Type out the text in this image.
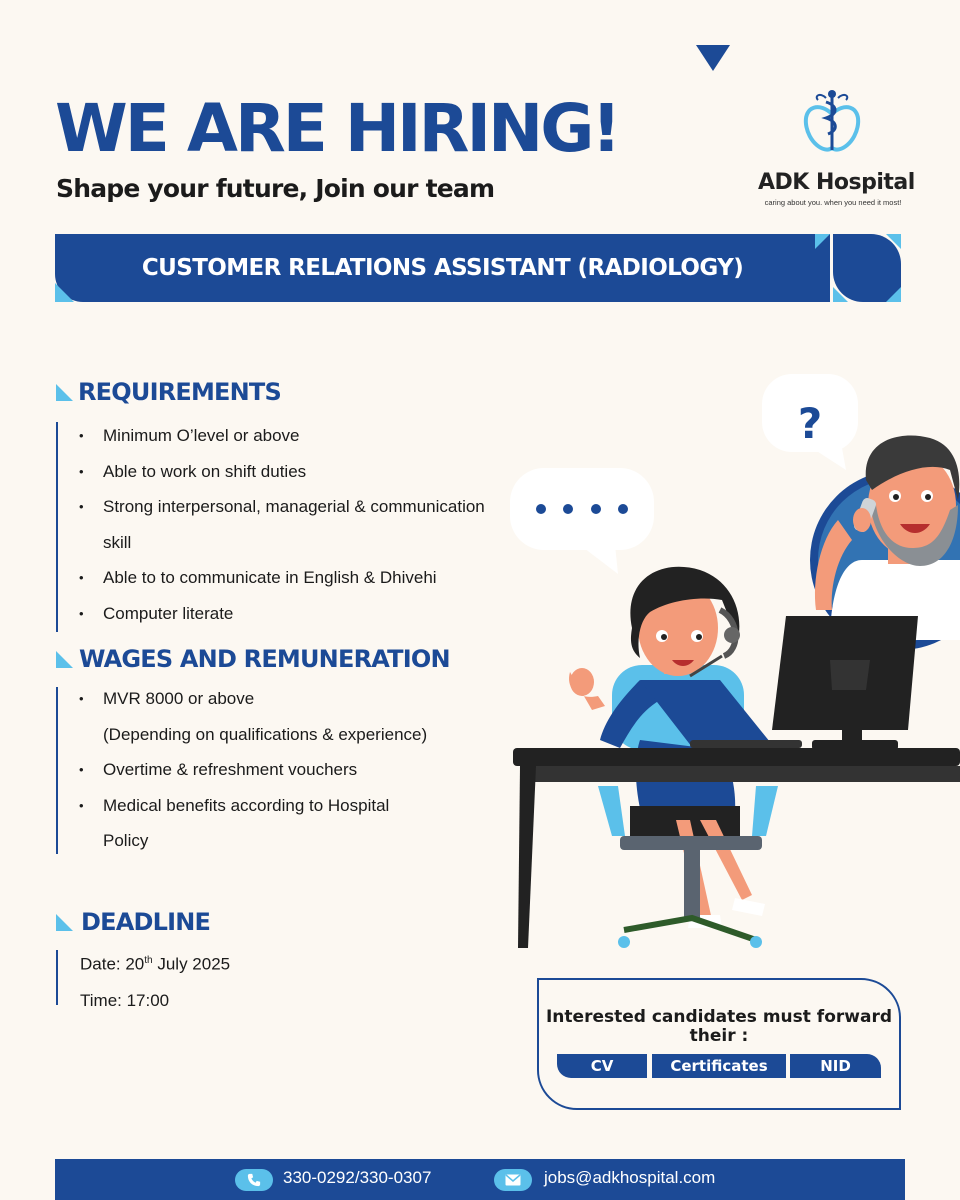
WE ARE HIRING!
Shape your future, Join our team	ADK Hospital
caring about you. when you need it most!
CUSTOMER RELATIONS ASSISTANT (RADIOLOGY)
REQUIREMENTS
• Minimum O’level or above
• Able to work on shift duties
• Strong interpersonal, managerial & communication
skill
• Able to to communicate in English & Dhivehi
• Computer literate
WAGES AND REMUNERATION
• MVR 8000 or above
(Depending on qualifications & experience)
• Overtime & refreshment vouchers
• Medical benefits according to Hospital
Policy
DEADLINE
Date: 20th July 2025
Time: 17:00
?
Interested candidates must forward their :
CV	Certificates	NID
330-0292/330-0307	jobs@adkhospital.com
